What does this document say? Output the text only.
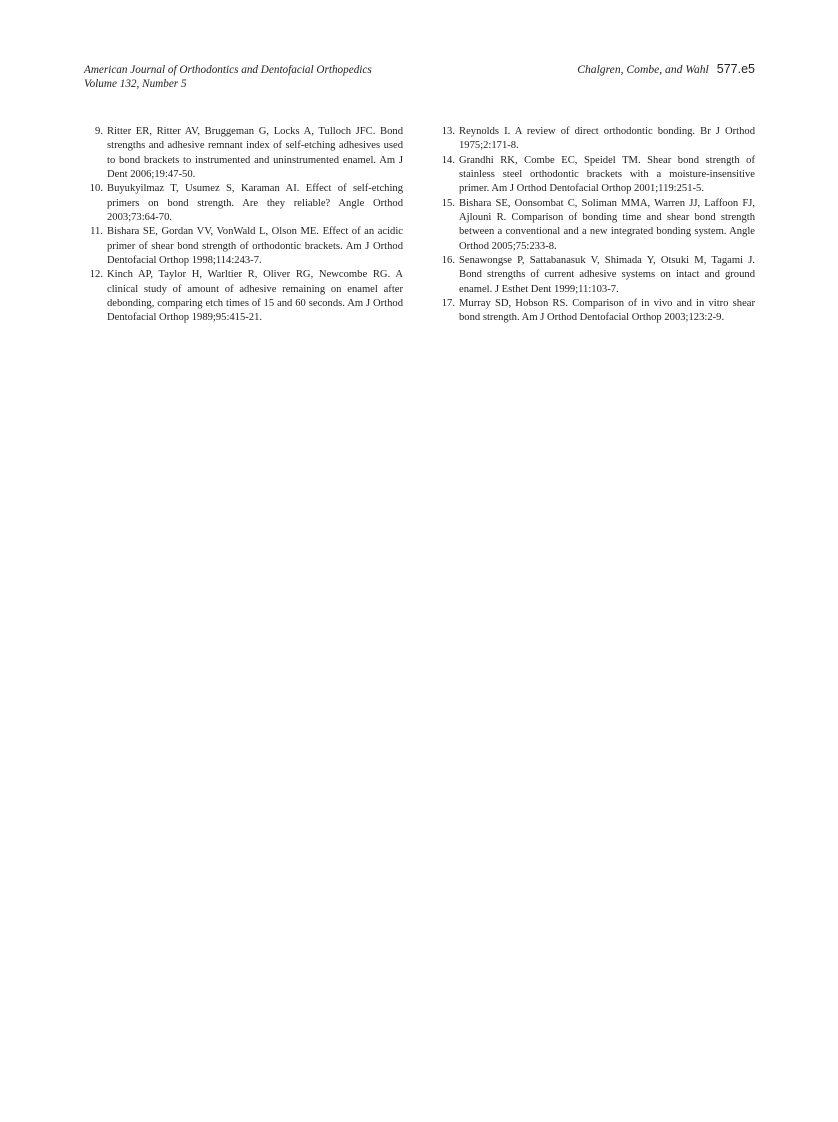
American Journal of Orthodontics and Dentofacial Orthopedics
Volume 132, Number 5
Chalgren, Combe, and Wahl 577.e5
9. Ritter ER, Ritter AV, Bruggeman G, Locks A, Tulloch JFC. Bond strengths and adhesive remnant index of self-etching adhesives used to bond brackets to instrumented and uninstrumented enamel. Am J Dent 2006;19:47-50.
10. Buyukyilmaz T, Usumez S, Karaman AI. Effect of self-etching primers on bond strength. Are they reliable? Angle Orthod 2003;73:64-70.
11. Bishara SE, Gordan VV, VonWald L, Olson ME. Effect of an acidic primer of shear bond strength of orthodontic brackets. Am J Orthod Dentofacial Orthop 1998;114:243-7.
12. Kinch AP, Taylor H, Warltier R, Oliver RG, Newcombe RG. A clinical study of amount of adhesive remaining on enamel after debonding, comparing etch times of 15 and 60 seconds. Am J Orthod Dentofacial Orthop 1989;95:415-21.
13. Reynolds I. A review of direct orthodontic bonding. Br J Orthod 1975;2:171-8.
14. Grandhi RK, Combe EC, Speidel TM. Shear bond strength of stainless steel orthodontic brackets with a moisture-insensitive primer. Am J Orthod Dentofacial Orthop 2001;119:251-5.
15. Bishara SE, Oonsombat C, Soliman MMA, Warren JJ, Laffoon FJ, Ajlouni R. Comparison of bonding time and shear bond strength between a conventional and a new integrated bonding system. Angle Orthod 2005;75:233-8.
16. Senawongse P, Sattabanasuk V, Shimada Y, Otsuki M, Tagami J. Bond strengths of current adhesive systems on intact and ground enamel. J Esthet Dent 1999;11:103-7.
17. Murray SD, Hobson RS. Comparison of in vivo and in vitro shear bond strength. Am J Orthod Dentofacial Orthop 2003;123:2-9.
